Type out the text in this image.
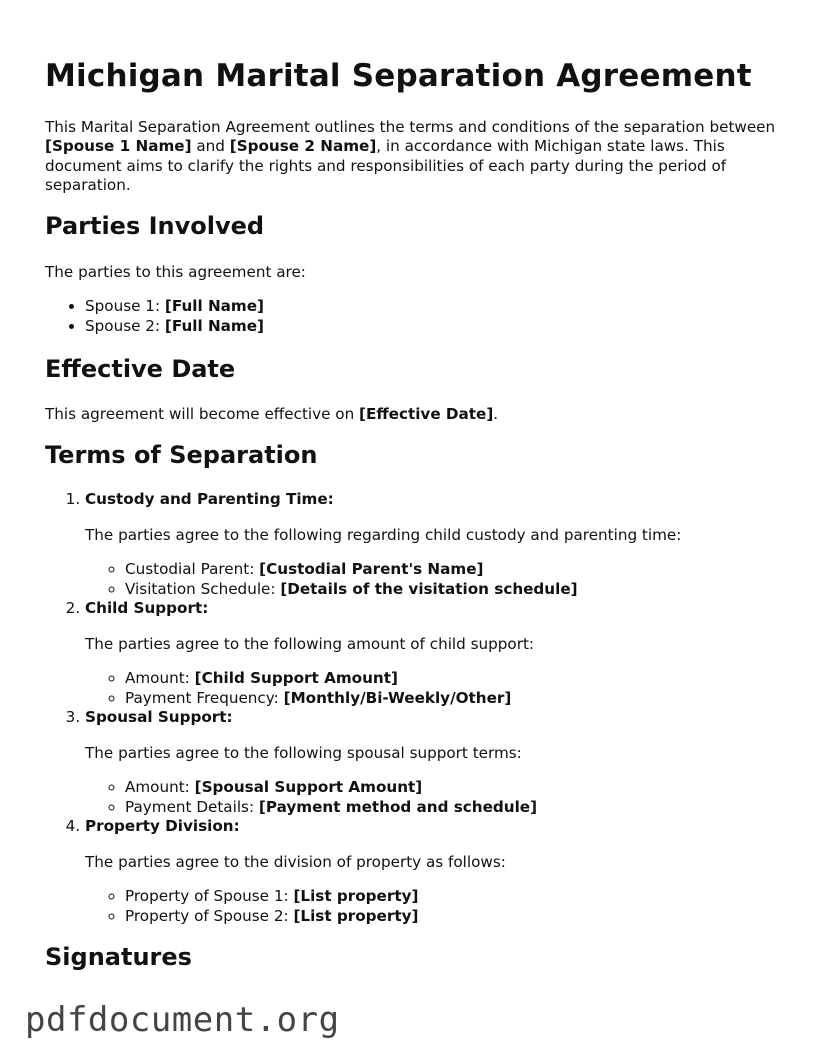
Michigan Marital Separation Agreement

This Marital Separation Agreement outlines the terms and conditions of the separation between [Spouse 1 Name] and [Spouse 2 Name], in accordance with Michigan state laws. This document aims to clarify the rights and responsibilities of each party during the period of separation.

Parties Involved

The parties to this agreement are:

• Spouse 1: [Full Name]
• Spouse 2: [Full Name]
Effective Date

This agreement will become effective on [Effective Date].

Terms of Separation
1. Custody and Parenting Time:

The parties agree to the following regarding child custody and parenting time:

◦ Custodial Parent: [Custodial Parent's Name]
◦ Visitation Schedule: [Details of the visitation schedule]
2. Child Support:

The parties agree to the following amount of child support:

◦ Amount: [Child Support Amount]
◦ Payment Frequency: [Monthly/Bi-Weekly/Other]
3. Spousal Support:

The parties agree to the following spousal support terms:

◦ Amount: [Spousal Support Amount]
◦ Payment Details: [Payment method and schedule]
4. Property Division:

The parties agree to the division of property as follows:

◦ Property of Spouse 1: [List property]
◦ Property of Spouse 2: [List property]
Signatures
pdfdocument.org
